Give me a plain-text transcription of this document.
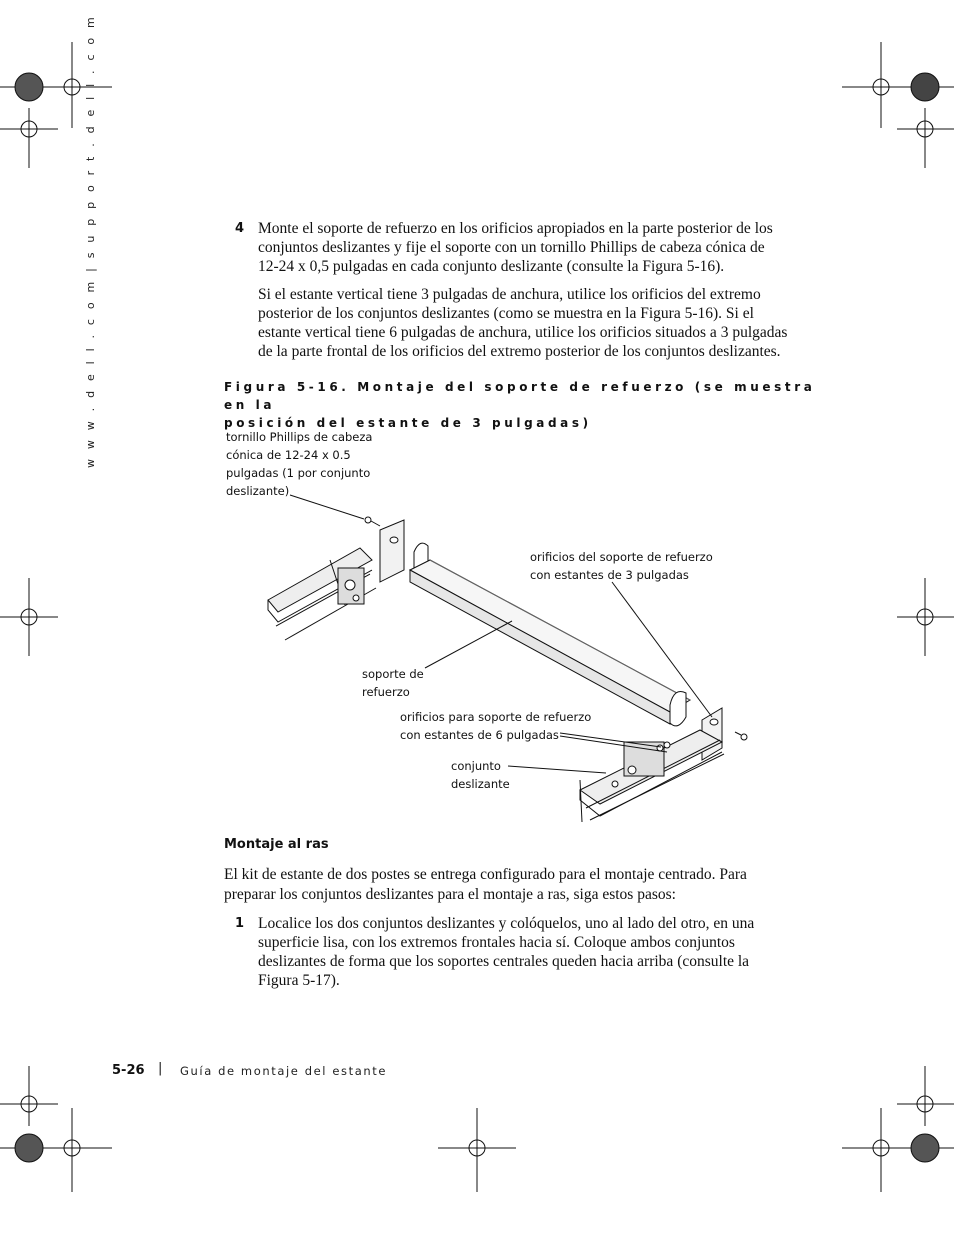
w w w . d e l l . c o m | s u p p o r t . d e l l . c o m	4 Monte el soporte de refuerzo en los orificios apropiados en la parte posterior de los
conjuntos deslizantes y fije el soporte con un tornillo Phillips de cabeza cónica de
12-24 x 0,5 pulgadas en cada conjunto deslizante (consulte la Figura 5-16).
Si el estante vertical tiene 3 pulgadas de anchura, utilice los orificios del extremo
posterior de los conjuntos deslizantes (como se muestra en la Figura 5-16). Si el
estante vertical tiene 6 pulgadas de anchura, utilice los orificios situados a 3 pulgadas
de la parte frontal de los orificios del extremo posterior de los conjuntos deslizantes.
Figura 5-16. Montaje del soporte de refuerzo (se muestra en la
posición del estante de 3 pulgadas)
tornillo Phillips de cabeza
cónica de 12-24 x 0.5
pulgadas (1 por conjunto
deslizante)
orificios del soporte de refuerzo
con estantes de 3 pulgadas
soporte de
refuerzo
orificios para soporte de refuerzo
con estantes de 6 pulgadas
conjunto
deslizante
Montaje al ras
El kit de estante de dos postes se entrega configurado para el montaje centrado. Para
preparar los conjuntos deslizantes para el montaje a ras, siga estos pasos:
1 Localice los dos conjuntos deslizantes y colóquelos, uno al lado del otro, en una
superficie lisa, con los extremos frontales hacia sí. Coloque ambos conjuntos
deslizantes de forma que los soportes centrales queden hacia arriba (consulte la
Figura 5-17).
5-26 | Guía de montaje del estante
